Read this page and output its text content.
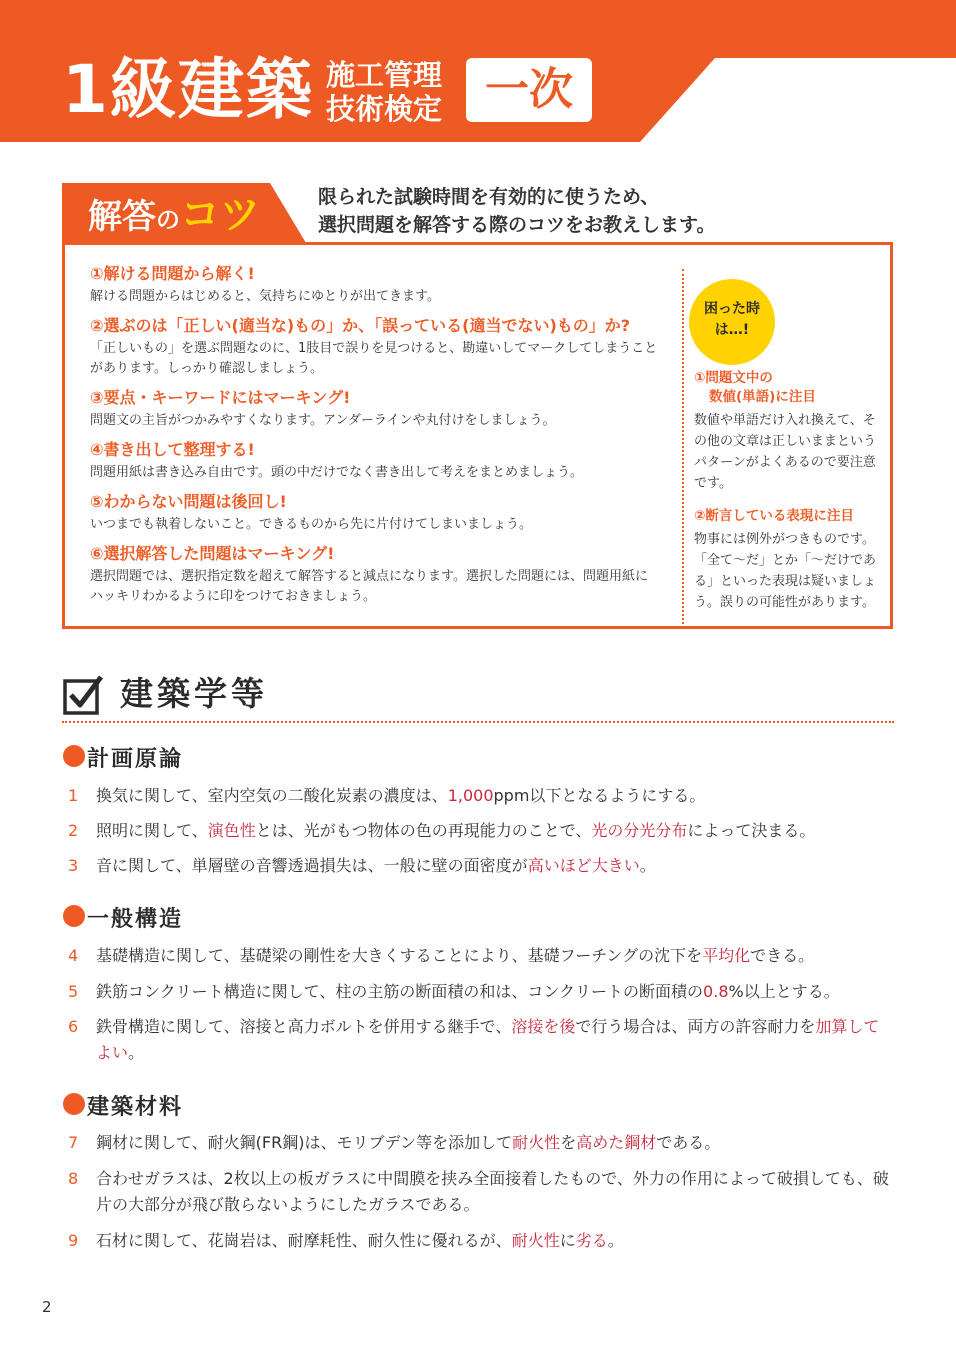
1級建築 施工管理
技術検定 一次
解答のコツ	限られた試験時間を有効的に使うため、
選択問題を解答する際のコツをお教えします。
①解ける問題から解く!
解ける問題からはじめると、気持ちにゆとりが出てきます。
②選ぶのは「正しい(適当な)もの」か、「誤っている(適当でない)もの」か?
「正しいもの」を選ぶ問題なのに、1肢目で誤りを見つけると、勘違いしてマークしてしまうことがあります。しっかり確認しましょう。
③要点・キーワードにはマーキング!
問題文の主旨がつかみやすくなります。アンダーラインや丸付けをしましょう。
④書き出して整理する!
問題用紙は書き込み自由です。頭の中だけでなく書き出して考えをまとめましょう。
⑤わからない問題は後回し!
いつまでも執着しないこと。できるものから先に片付けてしまいましょう。
⑥選択解答した問題はマーキング!
選択問題では、選択指定数を超えて解答すると減点になります。選択した問題には、問題用紙にハッキリわかるように印をつけておきましょう。
困った時
は…!
①問題文中の
数値(単語)に注目
数値や単語だけ入れ換えて、その他の文章は正しいままというパターンがよくあるので要注意です。
②断言している表現に注目
物事には例外がつきものです。「全て〜だ」とか「〜だけである」といった表現は疑いましょう。誤りの可能性があります。
建築学等
計画原論
1	換気に関して、室内空気の二酸化炭素の濃度は、1,000ppm以下となるようにする。
2	照明に関して、演色性とは、光がもつ物体の色の再現能力のことで、光の分光分布によって決まる。
3	音に関して、単層壁の音響透過損失は、一般に壁の面密度が高いほど大きい。
一般構造
4	基礎構造に関して、基礎梁の剛性を大きくすることにより、基礎フーチングの沈下を平均化できる。
5	鉄筋コンクリート構造に関して、柱の主筋の断面積の和は、コンクリートの断面積の0.8%以上とする。
6	鉄骨構造に関して、溶接と高力ボルトを併用する継手で、溶接を後で行う場合は、両方の許容耐力を加算してよい。
建築材料
7	鋼材に関して、耐火鋼(FR鋼)は、モリブデン等を添加して耐火性を高めた鋼材である。
8	合わせガラスは、2枚以上の板ガラスに中間膜を挟み全面接着したもので、外力の作用によって破損しても、破片の大部分が飛び散らないようにしたガラスである。
9	石材に関して、花崗岩は、耐摩耗性、耐久性に優れるが、耐火性に劣る。
2
